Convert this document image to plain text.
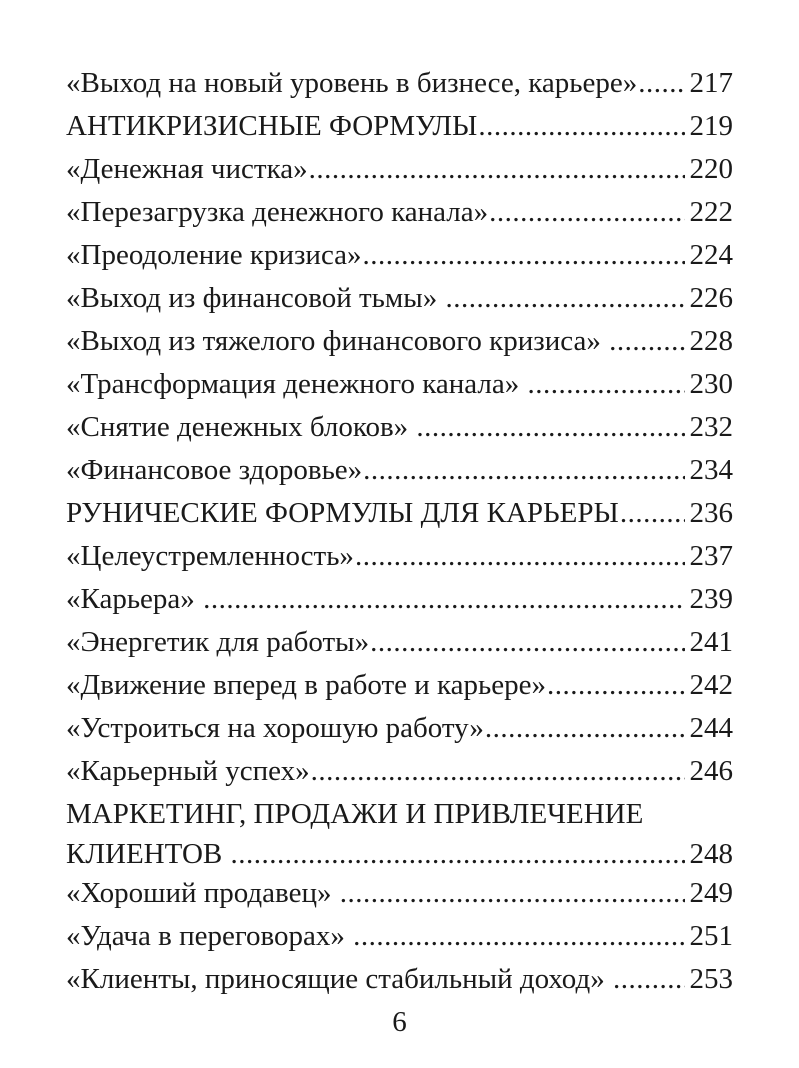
«Выход на новый уровень в бизнесе, карьере» ..... 217
АНТИКРИЗИСНЫЕ ФОРМУЛЫ .....	219
«Денежная чистка» .....	220
«Перезагрузка денежного канала» .....	222
«Преодоление кризиса» .....	224
«Выход из финансовой тьмы» .....	226
«Выход из тяжелого финансового кризиса» .....	228
«Трансформация денежного канала» .....	230
«Снятие денежных блоков» .....	232
«Финансовое здоровье» .....	234
РУНИЧЕСКИЕ ФОРМУЛЫ ДЛЯ КАРЬЕРЫ ..... 236
«Целеустремленность» .....	237
«Карьера» .....	239
«Энергетик для работы» .....	241
«Движение вперед в работе и карьере» .....	242
«Устроиться на хорошую работу» .....	244
«Карьерный успех» .....	246
МАРКЕТИНГ, ПРОДАЖИ И ПРИВЛЕЧЕНИЕ
КЛИЕНТОВ .....	248
«Хороший продавец» .....	249
«Удача в переговорах» .....	251
«Клиенты, приносящие стабильный доход» .....	253
6
